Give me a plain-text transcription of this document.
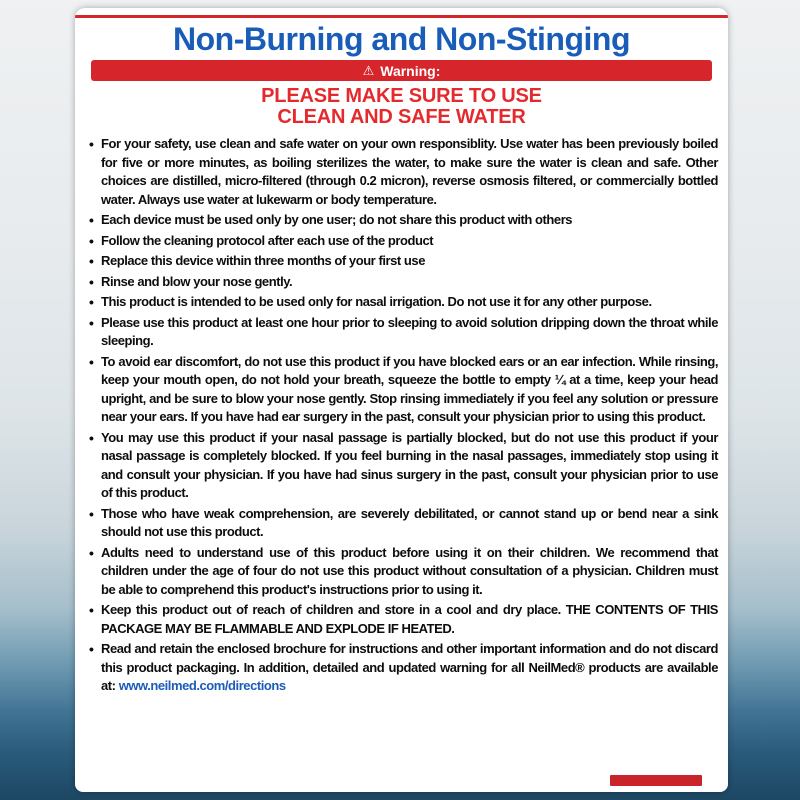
Non-Burning and Non-Stinging
⚠ Warning:
PLEASE MAKE SURE TO USE
CLEAN AND SAFE WATER
• For your safety, use clean and safe water on your own responsiblity. Use water has been previously boiled for five or more minutes, as boiling sterilizes the water, to make sure the water is clean and safe. Other choices are distilled, micro-filtered (through 0.2 micron), reverse osmosis filtered, or commercially bottled water. Always use water at lukewarm or body temperature.
• Each device must be used only by one user; do not share this product with others
• Follow the cleaning protocol after each use of the product
• Replace this device within three months of your first use
• Rinse and blow your nose gently.
• This product is intended to be used only for nasal irrigation. Do not use it for any other purpose.
• Please use this product at least one hour prior to sleeping to avoid solution dripping down the throat while sleeping.
• To avoid ear discomfort, do not use this product if you have blocked ears or an ear infection. While rinsing, keep your mouth open, do not hold your breath, squeeze the bottle to empty ¼ at a time, keep your head upright, and be sure to blow your nose gently. Stop rinsing immediately if you feel any solution or pressure near your ears. If you have had ear surgery in the past, consult your physician prior to using this product.
• You may use this product if your nasal passage is partially blocked, but do not use this product if your nasal passage is completely blocked. If you feel burning in the nasal passages, immediately stop using it and consult your physician. If you have had sinus surgery in the past, consult your physician prior to use of this product.
• Those who have weak comprehension, are severely debilitated, or cannot stand up or bend near a sink should not use this product.
• Adults need to understand use of this product before using it on their children. We recommend that children under the age of four do not use this product without consultation of a physician. Children must be able to comprehend this product's instructions prior to using it.
• Keep this product out of reach of children and store in a cool and dry place. THE CONTENTS OF THIS PACKAGE MAY BE FLAMMABLE AND EXPLODE IF HEATED.
• Read and retain the enclosed brochure for instructions and other important information and do not discard this product packaging. In addition, detailed and updated warning for all NeilMed® products are available at: www.neilmed.com/directions
